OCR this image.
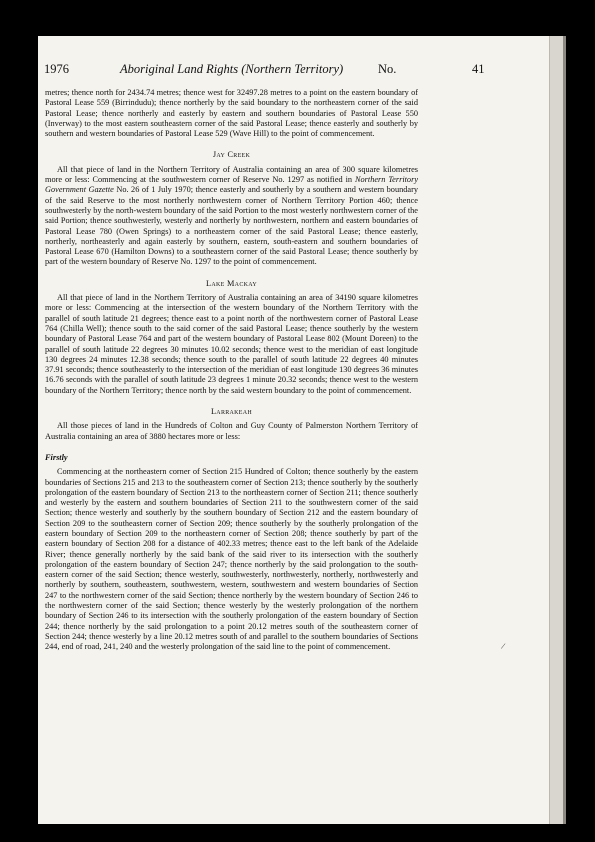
1976	Aboriginal Land Rights (Northern Territory)	No.	41

metres; thence north for 2434.74 metres; thence west for 32497.28 metres to a point on the eastern boundary of Pastoral Lease 559 (Birrindudu); thence northerly by the said boundary to the northeastern corner of the said Pastoral Lease; thence northerly and easterly by eastern and southern boundaries of Pastoral Lease 550 (Inverway) to the most eastern southeastern corner of the said Pastoral Lease; thence easterly and southerly by southern and western boundaries of Pastoral Lease 529 (Wave Hill) to the point of commencement.

Jay Creek

All that piece of land in the Northern Territory of Australia containing an area of 300 square kilometres more or less: Commencing at the southwestern corner of Reserve No. 1297 as notified in Northern Territory Government Gazette No. 26 of 1 July 1970; thence easterly and southerly by a southern and western boundary of the said Reserve to the most northerly northwestern corner of Northern Territory Portion 460; thence southwesterly by the north-western boundary of the said Portion to the most westerly northwestern corner of the said Portion; thence southwesterly, westerly and northerly by northwestern, northern and eastern boundaries of Pastoral Lease 780 (Owen Springs) to a northeastern corner of the said Pastoral Lease; thence easterly, northerly, northeasterly and again easterly by southern, eastern, south-eastern and southern boundaries of Pastoral Lease 670 (Hamilton Downs) to a southeastern corner of the said Pastoral Lease; thence southerly by part of the western boundary of Reserve No. 1297 to the point of commencement.

Lake Mackay

All that piece of land in the Northern Territory of Australia containing an area of 34190 square kilometres more or less: Commencing at the intersection of the western boundary of the Northern Territory with the parallel of south latitude 21 degrees; thence east to a point north of the northwestern corner of Pastoral Lease 764 (Chilla Well); thence south to the said corner of the said Pastoral Lease; thence southerly by the western boundary of Pastoral Lease 764 and part of the western boundary of Pastoral Lease 802 (Mount Doreen) to the parallel of south latitude 22 degrees 30 minutes 10.02 seconds; thence west to the meridian of east longitude 130 degrees 24 minutes 12.38 seconds; thence south to the parallel of south latitude 22 degrees 40 minutes 37.91 seconds; thence southeasterly to the intersection of the meridian of east longitude 130 degrees 36 minutes 16.76 seconds with the parallel of south latitude 23 degrees 1 minute 20.32 seconds; thence west to the western boundary of the Northern Territory; thence north by the said western boundary to the point of commencement.

Larrakeah

All those pieces of land in the Hundreds of Colton and Guy County of Palmerston Northern Territory of Australia containing an area of 3880 hectares more or less:

Firstly

Commencing at the northeastern corner of Section 215 Hundred of Colton; thence southerly by the eastern boundaries of Sections 215 and 213 to the southeastern corner of Section 213; thence southerly by the southerly prolongation of the eastern boundary of Section 213 to the northeastern corner of Section 211; thence southerly and westerly by the eastern and southern boundaries of Section 211 to the southwestern corner of the said Section; thence westerly and southerly by the southern boundary of Section 212 and the eastern boundary of Section 209 to the southeastern corner of Section 209; thence southerly by the southerly prolongation of the eastern boundary of Section 209 to the northeastern corner of Section 208; thence southerly by part of the eastern boundary of Section 208 for a distance of 402.33 metres; thence east to the left bank of the Adelaide River; thence generally northerly by the said bank of the said river to its intersection with the southerly prolongation of the eastern boundary of Section 247; thence northerly by the said prolongation to the south-eastern corner of the said Section; thence westerly, southwesterly, northwesterly, northerly, northwesterly and northerly by southern, southeastern, southwestern, western, southwestern and western boundaries of Section 247 to the northwestern corner of the said Section; thence northerly by the western boundary of Section 246 to the northwestern corner of the said Section; thence westerly by the westerly prolongation of the northern boundary of Section 246 to its intersection with the southerly prolongation of the eastern boundary of Section 244; thence northerly by the said prolongation to a point 20.12 metres south of the southeastern corner of Section 244; thence westerly by a line 20.12 metres south of and parallel to the southern boundaries of Sections 244, end of road, 241, 240 and the westerly prolongation of the said line to the point of commencement.	/
